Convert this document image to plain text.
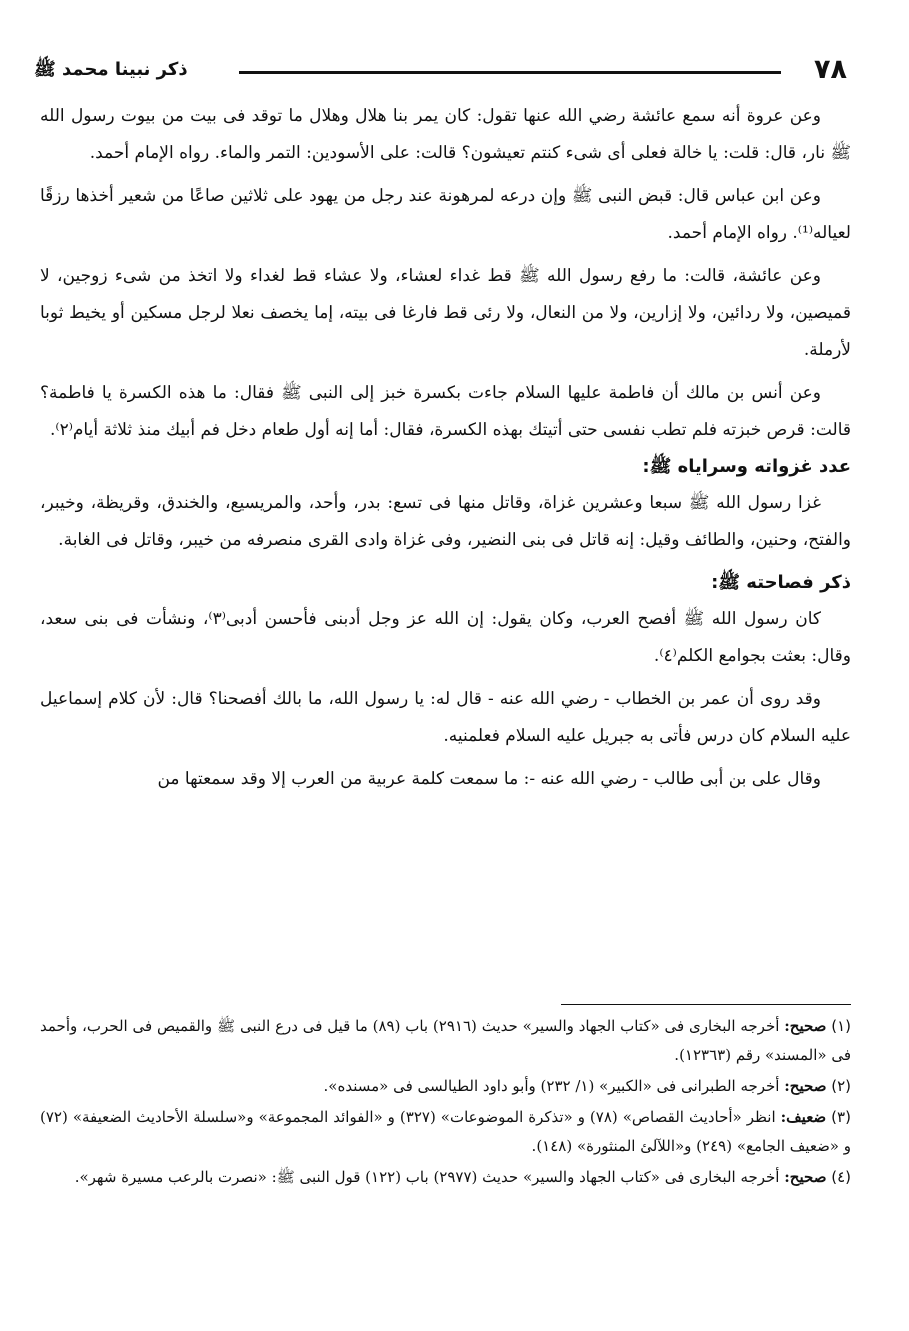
٧٨
ذكر نبينا محمد ﷺ

وعن عروة أنه سمع عائشة رضي الله عنها تقول: كان يمر بنا هلال وهلال ما توقد فى بيت من بيوت رسول الله ﷺ نار، قال: قلت: يا خالة فعلى أى شىء كنتم تعيشون؟ قالت: على الأسودين: التمر والماء. رواه الإمام أحمد.

وعن ابن عباس قال: قبض النبى ﷺ وإن درعه لمرهونة عند رجل من يهود على ثلاثين صاعًا من شعير أخذها رزقًا لعياله⁽¹⁾. رواه الإمام أحمد.

وعن عائشة، قالت: ما رفع رسول الله ﷺ قط غداء لعشاء، ولا عشاء قط لغداء ولا اتخذ من شىء زوجين، لا قميصين، ولا ردائين، ولا إزارين، ولا من النعال، ولا رئى قط فارغا فى بيته، إما يخصف نعلا لرجل مسكين أو يخيط ثوبا لأرملة.

وعن أنس بن مالك أن فاطمة عليها السلام جاءت بكسرة خبز إلى النبى ﷺ فقال: ما هذه الكسرة يا فاطمة؟ قالت: قرص خبزته فلم تطب نفسى حتى أتيتك بهذه الكسرة، فقال: أما إنه أول طعام دخل فم أبيك منذ ثلاثة أيام⁽٢⁾.

عدد غزواته وسراياه ﷺ:

غزا رسول الله ﷺ سبعا وعشرين غزاة، وقاتل منها فى تسع: بدر، وأحد، والمريسيع، والخندق، وقريظة، وخيبر، والفتح، وحنين، والطائف وقيل: إنه قاتل فى بنى النضير، وفى غزاة وادى القرى منصرفه من خيبر، وقاتل فى الغابة.

ذكر فصاحته ﷺ:

كان رسول الله ﷺ أفصح العرب، وكان يقول: إن الله عز وجل أدبنى فأحسن أدبى⁽٣⁾، ونشأت فى بنى سعد، وقال: بعثت بجوامع الكلم⁽٤⁾.

وقد روى أن عمر بن الخطاب - رضي الله عنه - قال له: يا رسول الله، ما بالك أفصحنا؟ قال: لأن كلام إسماعيل عليه السلام كان درس فأتى به جبريل عليه السلام فعلمنيه.

وقال على بن أبى طالب - رضي الله عنه -: ما سمعت كلمة عربية من العرب إلا وقد سمعتها من

(١) صحيح: أخرجه البخارى فى «كتاب الجهاد والسير» حديث (٢٩١٦) باب (٨٩) ما قيل فى درع النبى ﷺ والقميص فى الحرب، وأحمد فى «المسند» رقم (١٢٣٦٣).

(٢) صحيح: أخرجه الطبرانى فى «الكبير» (١/ ٢٣٢) وأبو داود الطيالسى فى «مسنده».

(٣) ضعيف: انظر «أحاديث القصاص» (٧٨) و «تذكرة الموضوعات» (٣٢٧) و «الفوائد المجموعة» و«سلسلة الأحاديث الضعيفة» (٧٢) و «ضعيف الجامع» (٢٤٩) و«اللآلئ المنثورة» (١٤٨).

(٤) صحيح: أخرجه البخارى فى «كتاب الجهاد والسير» حديث (٢٩٧٧) باب (١٢٢) قول النبى ﷺ: «نصرت بالرعب مسيرة شهر».
